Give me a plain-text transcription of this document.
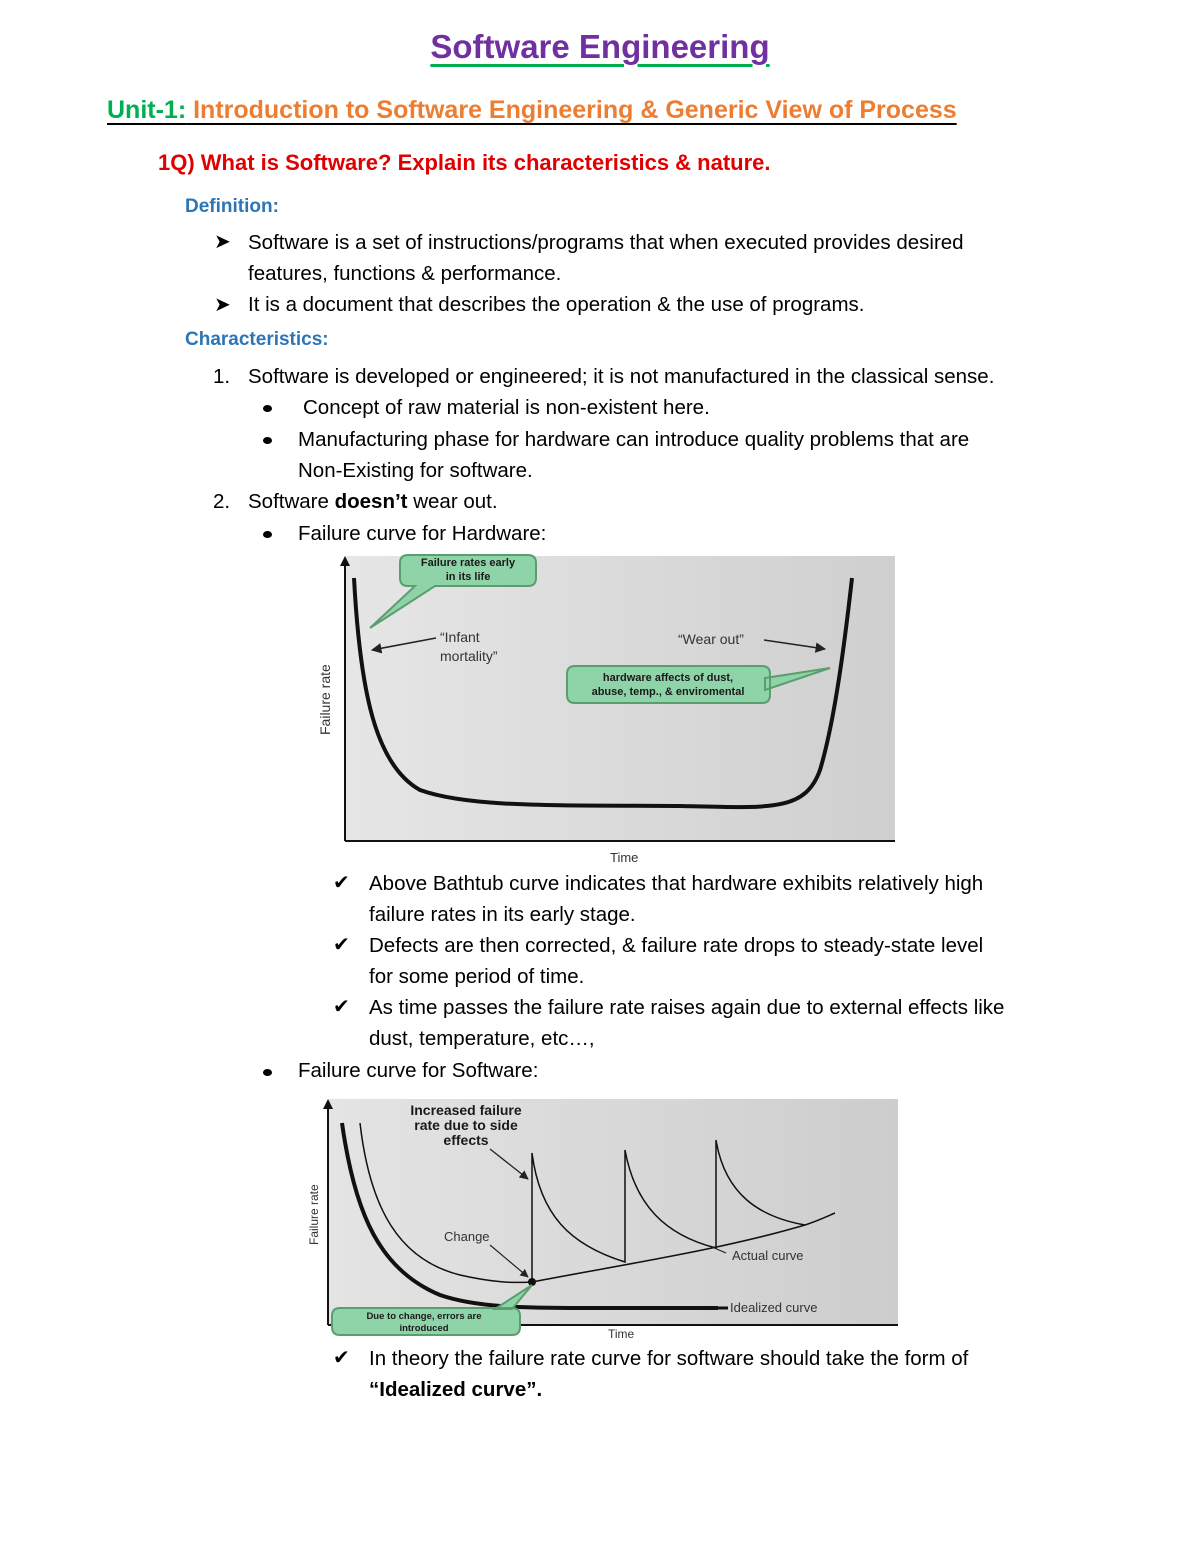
Software Engineering
Unit-1: Introduction to Software Engineering & Generic View of Process
1Q) What is Software? Explain its characteristics & nature.
Definition:
➤ Software is a set of instructions/programs that when executed provides desired
features, functions & performance.
➤ It is a document that describes the operation & the use of programs.
Characteristics:
1. Software is developed or engineered; it is not manufactured in the classical sense.
Concept of raw material is non-existent here.
Manufacturing phase for hardware can introduce quality problems that are
Non-Existing for software.
2. Software doesn’t wear out.
Failure curve for Hardware:
Failure rates early
in its life
“Infant
mortality”
“Wear out”
hardware affects of dust,
abuse, temp., & enviromental
Failure rate
Time
✔ Above Bathtub curve indicates that hardware exhibits relatively high
failure rates in its early stage.
✔ Defects are then corrected, & failure rate drops to steady-state level
for some period of time.
✔ As time passes the failure rate raises again due to external effects like
dust, temperature, etc…,
Failure curve for Software:
Increased failure
rate due to side
effects
Change
Actual curve
Idealized curve
Due to change, errors are
introduced
Failure rate
Time
✔ In theory the failure rate curve for software should take the form of
“Idealized curve”.
